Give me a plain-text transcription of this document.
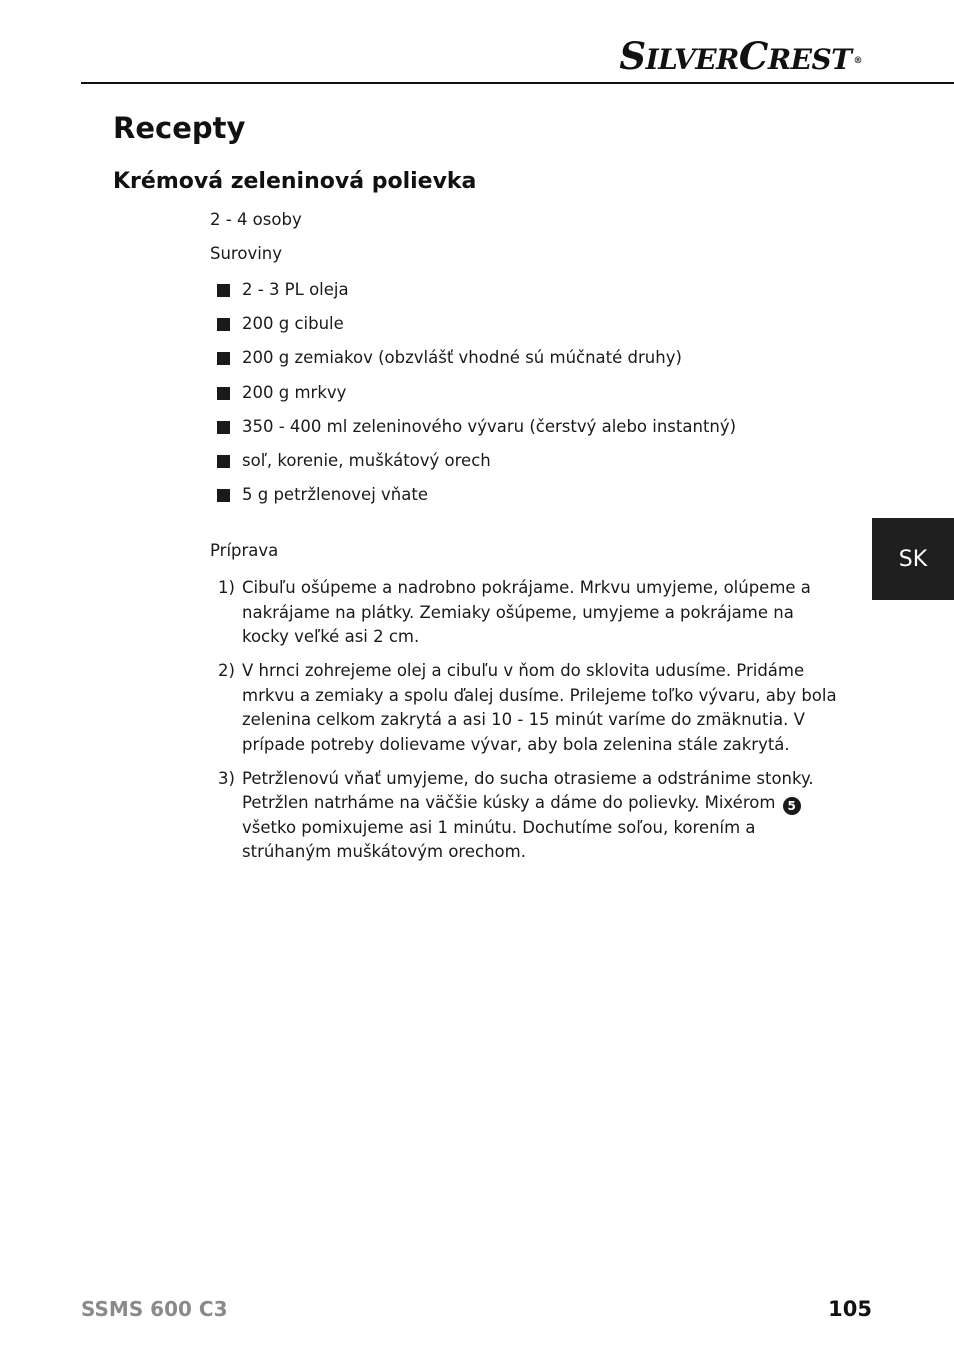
SILVERCREST ®
Recepty
Krémová zeleninová polievka

2 - 4 osoby

Suroviny

2 - 3 PL oleja
200 g cibule
200 g zemiakov (obzvlášť vhodné sú múčnaté druhy)
200 g mrkvy
350 - 400 ml zeleninového vývaru (čerstvý alebo instantný)
soľ, korenie, muškátový orech
5 g petržlenovej vňate

Príprava

1) Cibuľu ošúpeme a nadrobno pokrájame. Mrkvu umyjeme, olúpeme a nakrájame na plátky. Zemiaky ošúpeme, umyjeme a pokrájame na kocky veľké asi 2 cm.
2) V hrnci zohrejeme olej a cibuľu v ňom do sklovita udusíme. Pridáme mrkvu a zemiaky a spolu ďalej dusíme. Prilejeme toľko vývaru, aby bola zelenina celkom zakrytá a asi 10 - 15 minút varíme do zmäknutia. V prípade potreby dolievame vývar, aby bola zelenina stále zakrytá.
3) Petržlenovú vňať umyjeme, do sucha otrasieme a odstránime stonky. Petržlen natrháme na väčšie kúsky a dáme do polievky. Mixérom 5 všetko pomixujeme asi 1 minútu. Dochutíme soľou, korením a strúhaným muškátovým orechom.
SK
SSMS 600 C3	105
